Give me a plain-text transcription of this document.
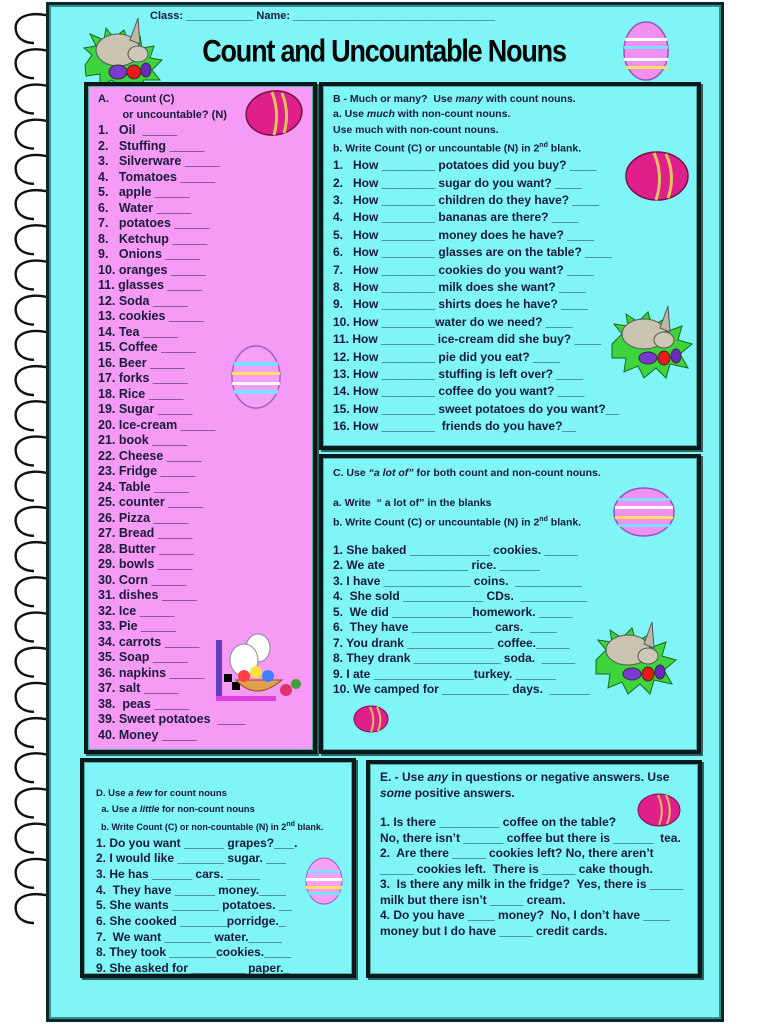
Class: ___________ Name: _________________________________
Count and Uncountable Nouns
A.     Count (C)
or uncountable? (N)
1.   Oil  _____
2.   Stuffing _____
3.   Silverware _____
4.   Tomatoes _____
5.   apple _____
6.   Water _____
7.   potatoes _____
8.   Ketchup _____
9.   Onions _____
10. oranges _____
11. glasses _____
12. Soda _____
13. cookies _____
14. Tea _____
15. Coffee _____
16. Beer _____
17. forks _____
18. Rice _____
19. Sugar _____
20. Ice-cream _____
21. book _____
22. Cheese _____
23. Fridge _____
24. Table _____
25. counter _____
26. Pizza _____
27. Bread _____
28. Butter _____
29. bowls _____
30. Corn _____
31. dishes _____
32. Ice _____
33. Pie _____
34. carrots _____
35. Soap _____
36. napkins _____
37. salt _____
38.  peas _____
39. Sweet potatoes  ____
40. Money _____
B - Much or many?  Use many with count nouns.
a. Use much with non-count nouns.
Use much with non-count nouns.
b. Write Count (C) or uncountable (N) in 2nd blank.
1.   How ________ potatoes did you buy? ____
2.   How ________ sugar do you want? ____
3.   How ________ children do they have? ____
4.   How ________ bananas are there? ____
5.   How ________ money does he have? ____
6.   How ________ glasses are on the table? ____
7.   How ________ cookies do you want? ____
8.   How ________ milk does she want? ____
9.   How ________ shirts does he have? ____
10. How ________water do we need? ____
11. How ________ ice-cream did she buy? ____
12. How ________ pie did you eat? ____
13. How ________ stuffing is left over? ____
14. How ________ coffee do you want? ____
15. How ________ sweet potatoes do you want?__
16. How ________  friends do you have?__
C. Use “a lot of” for both count and non-count nouns.
a. Write  “ a lot of” in the blanks
b. Write Count (C) or uncountable (N) in 2nd blank.
1. She baked ____________ cookies. _____
2. We ate ____________ rice. ______
3. I have _____________ coins.  __________
4.  She sold ____________ CDs.  __________
5.  We did ____________homework. _____
6.  They have ____________ cars.  ____
7. You drank _____________ coffee._____
8. They drank _____________ soda.  _____
9. I ate _______________turkey. ______
10. We camped for __________ days.  ______
D. Use a few for count nouns
a. Use a little for non-count nouns
b. Write Count (C) or non-countable (N) in 2nd blank.
1. Do you want ______ grapes?___.
2. I would like _______ sugar. ___
3. He has ______ cars. _____
4.  They have ______ money.____
5. She wants _______ potatoes. __
6. She cooked _______porridge._
7.  We want _______ water._____
8. They took _______cookies.____
9. She asked for ________ paper._
E. - Use any in questions or negative answers. Use
some positive answers.
1. Is there _________ coffee on the table?
No, there isn’t ______ coffee but there is ______  tea.
2.  Are there _____ cookies left? No, there aren’t
_____ cookies left.  There is _____ cake though.
3.  Is there any milk in the fridge?  Yes, there is _____
milk but there isn’t _____ cream.
4. Do you have ____ money?  No, I don’t have ____
money but I do have _____ credit cards.
